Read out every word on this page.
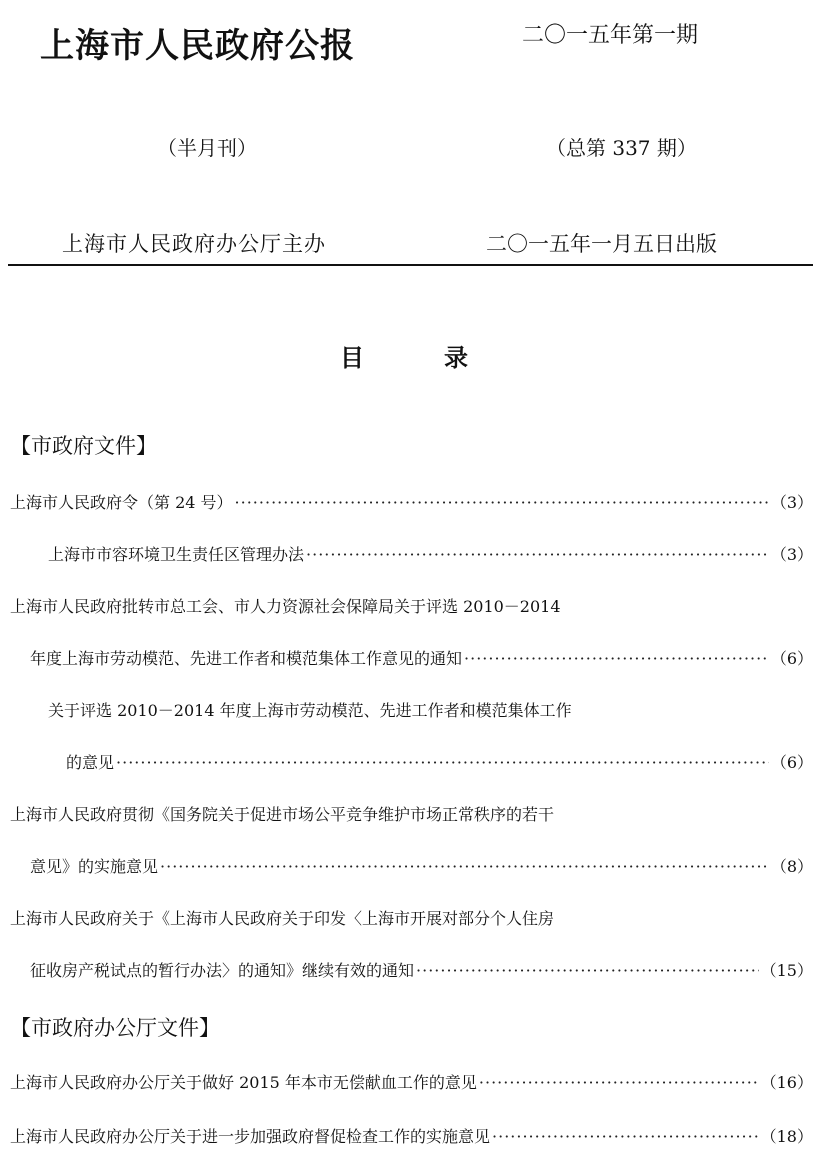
上海市人民政府公报	二〇一五年第一期
（半月刊）	（总第 337 期）
上海市人民政府办公厅主办	二〇一五年一月五日出版
目录
【市政府文件】
上海市人民政府令（第 24 号） ·····	（3）
上海市市容环境卫生责任区管理办法 ·····	（3）
上海市人民政府批转市总工会、市人力资源社会保障局关于评选 2010－2014
年度上海市劳动模范、先进工作者和模范集体工作意见的通知 ·····	（6）
关于评选 2010－2014 年度上海市劳动模范、先进工作者和模范集体工作
的意见 ·····	（6）
上海市人民政府贯彻《国务院关于促进市场公平竞争维护市场正常秩序的若干
意见》的实施意见 ·····	（8）
上海市人民政府关于《上海市人民政府关于印发〈上海市开展对部分个人住房
征收房产税试点的暂行办法〉的通知》继续有效的通知 ·····	（15）
【市政府办公厅文件】
上海市人民政府办公厅关于做好 2015 年本市无偿献血工作的意见 ·····	（16）
上海市人民政府办公厅关于进一步加强政府督促检查工作的实施意见 ·····	（18）
